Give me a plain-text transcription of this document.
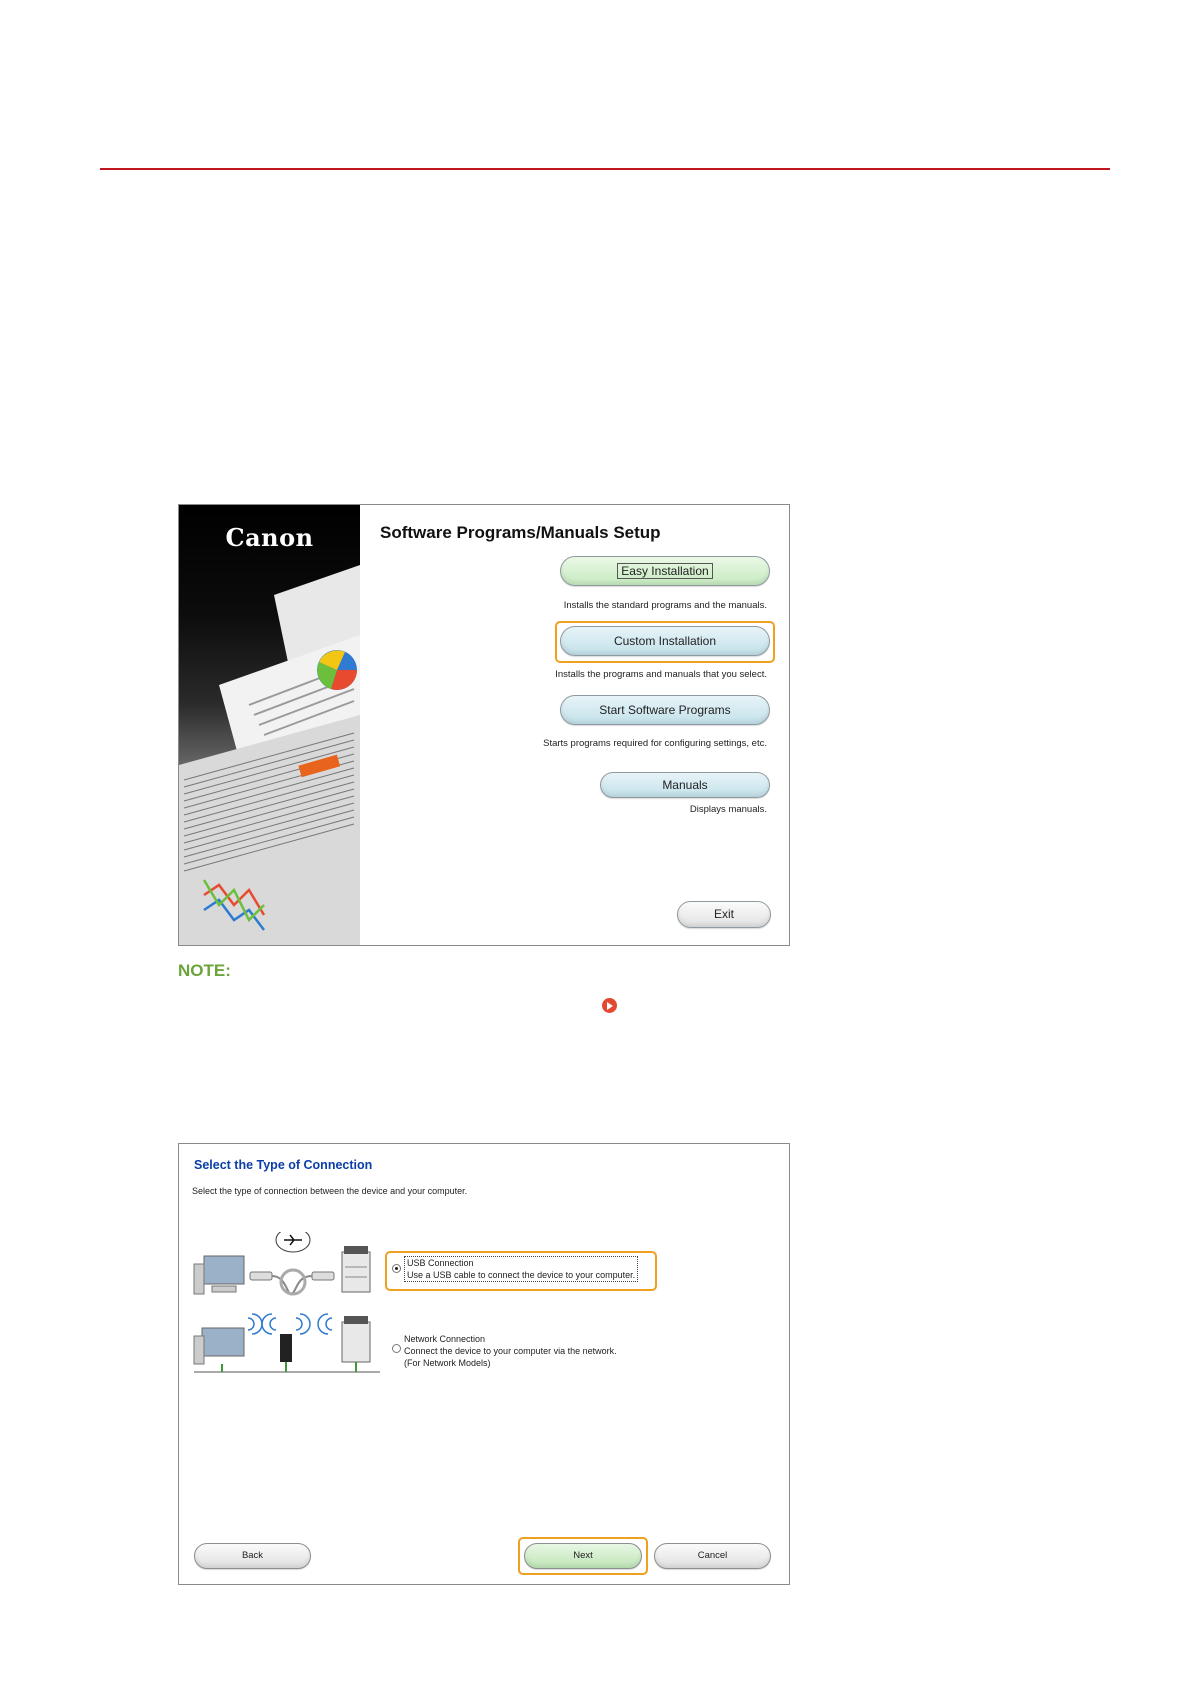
Canon	Software Programs/Manuals Setup
Easy Installation
Installs the standard programs and the manuals.
Custom Installation
Installs the programs and manuals that you select.
Start Software Programs
Starts programs required for configuring settings, etc.
Manuals
Displays manuals.
Exit
NOTE:
Select the Type of Connection
Select the type of connection between the device and your computer.
USB Connection
Use a USB cable to connect the device to your computer.
Network Connection
Connect the device to your computer via the network.
(For Network Models)
Back	Next	Cancel
